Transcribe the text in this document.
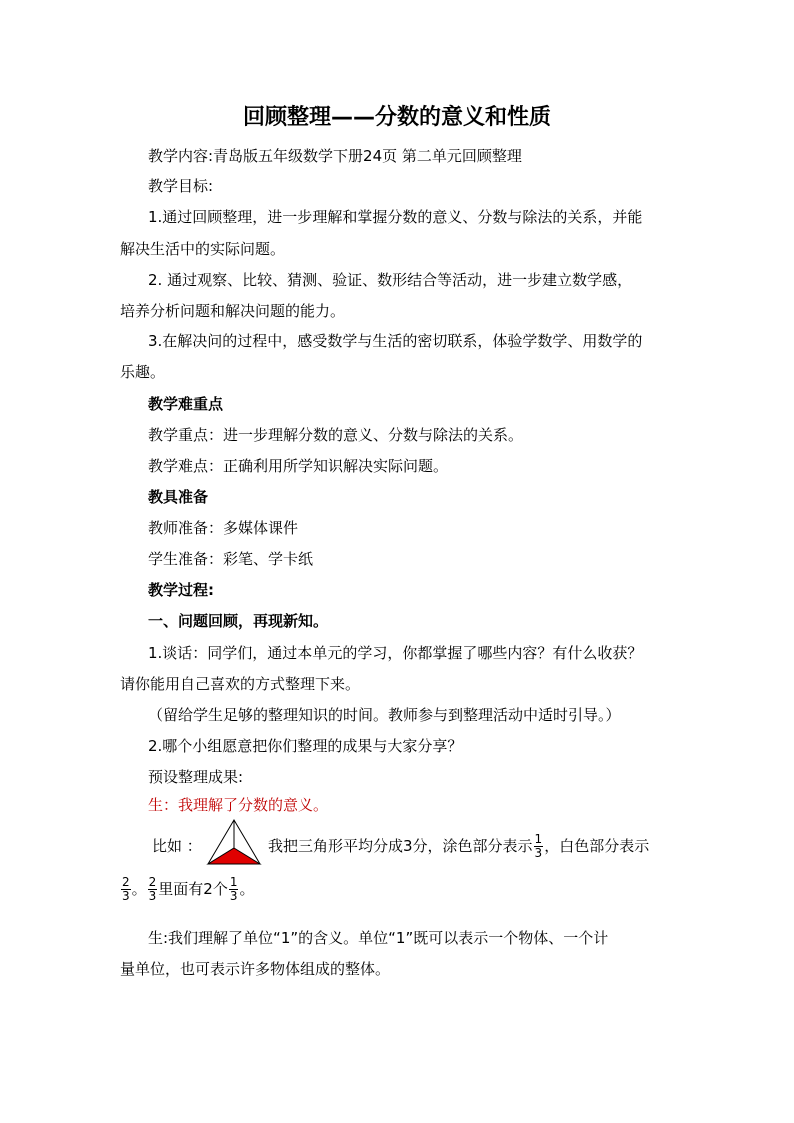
回顾整理——分数的意义和性质
教学内容:青岛版五年级数学下册24页 第二单元回顾整理
教学目标:
1.通过回顾整理，进一步理解和掌握分数的意义、分数与除法的关系，并能
解决生活中的实际问题。
2. 通过观察、比较、猜测、验证、数形结合等活动，进一步建立数学感，
培养分析问题和解决问题的能力。
3.在解决问的过程中，感受数学与生活的密切联系，体验学数学、用数学的
乐趣。
教学难重点
教学重点：进一步理解分数的意义、分数与除法的关系。
教学难点：正确利用所学知识解决实际问题。
教具准备
教师准备：多媒体课件
学生准备：彩笔、学卡纸
教学过程:
一、问题回顾，再现新知。
1.谈话：同学们，通过本单元的学习，你都掌握了哪些内容？有什么收获？
请你能用自己喜欢的方式整理下来。
（留给学生足够的整理知识的时间。教师参与到整理活动中适时引导。）
2.哪个小组愿意把你们整理的成果与大家分享？
预设整理成果:
生：我理解了分数的意义。
比如 ：	我把三角形平均分成3分，涂色部分表示 $\frac{1}{3}$ ，白色部分表示
$\frac{2}{3}$ 。 $\frac{2}{3}$ 里面有2个 $\frac{1}{3}$ 。
生:我们理解了单位“1”的含义。单位“1”既可以表示一个物体、一个计
量单位，也可表示许多物体组成的整体。
